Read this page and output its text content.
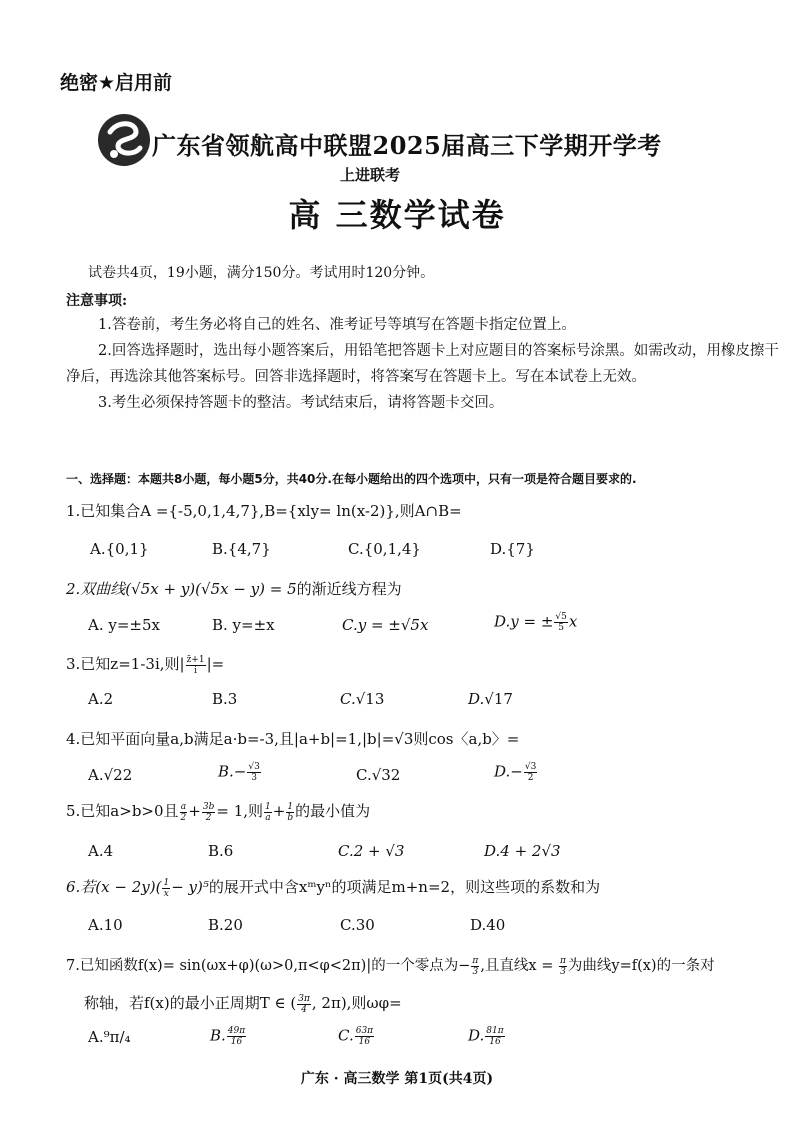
绝密★启用前
广东省领航高中联盟2025届高三下学期开学考
上进联考
高 三数学试卷
试卷共4页，19小题，满分150分。考试用时120分钟。
注意事项:

1.答卷前，考生务必将自己的姓名、准考证号等填写在答题卡指定位置上。

2.回答选择题时，选出每小题答案后，用铅笔把答题卡上对应题目的答案标号涂黑。如需改动，用橡皮擦干净后，再选涂其他答案标号。回答非选择题时，将答案写在答题卡上。写在本试卷上无效。

3.考生必须保持答题卡的整洁。考试结束后，请将答题卡交回。

一、选择题：本题共8小题，每小题5分，共40分.在每小题给出的四个选项中，只有一项是符合题目要求的.
1.已知集合A ={-5,0,1,4,7},B={xly= ln(x-2)},则A∩B=
A.{0,1}	B.{4,7}	C.{0,1,4}	D.{7}
2.双曲线(√5x + y)(√5x − y) = 5的渐近线方程为
A. y=±5x	B. y=±x	C.y = ±√5x	D.y = ± $\frac{√5}{5}$ x
3.已知z=1-3i,则| $\frac{z̄+1}{i}$ |=
A.2	B.3	C.√13	D.√17
4.已知平面向量a,b满足a·b=-3,且|a+b|=1,|b|=√3则cos〈a,b〉=
A.√22	$B.- \frac{√3}{3}$	C.√32	$D.- \frac{√3}{2}$
5.已知a>b>0且 $\frac{a}{2} + \frac{3b}{2} = 1$,则 $\frac{1}{a} + \frac{1}{b}$ 的最小值为
A.4	B.6	C.2 + √3	D.4 + 2√3
6.若$(x - 2y)( \frac{1}{x} - y)^5$的展开式中含xᵐyⁿ的项满足m+n=2，则这些项的系数和为
A.10	B.20	C.30	D.40
7.已知函数f(x)= sin(ωx+φ)(ω>0,π<φ<2π)|的一个零点为− $\frac{\pi}{3}$ ,且直线$x = \frac{\pi}{3}$ 为曲线y=f(x)的一条对
称轴，若f(x)的最小正周期T ∈ ( $\frac{3\pi}{4}$ , 2π),则ωφ=
A.⁹π/₄	B. $\frac{49\pi}{16}$	C. $\frac{63\pi}{16}$	D. $\frac{81\pi}{16}$
广东 · 高三数学 第1页(共4页)
